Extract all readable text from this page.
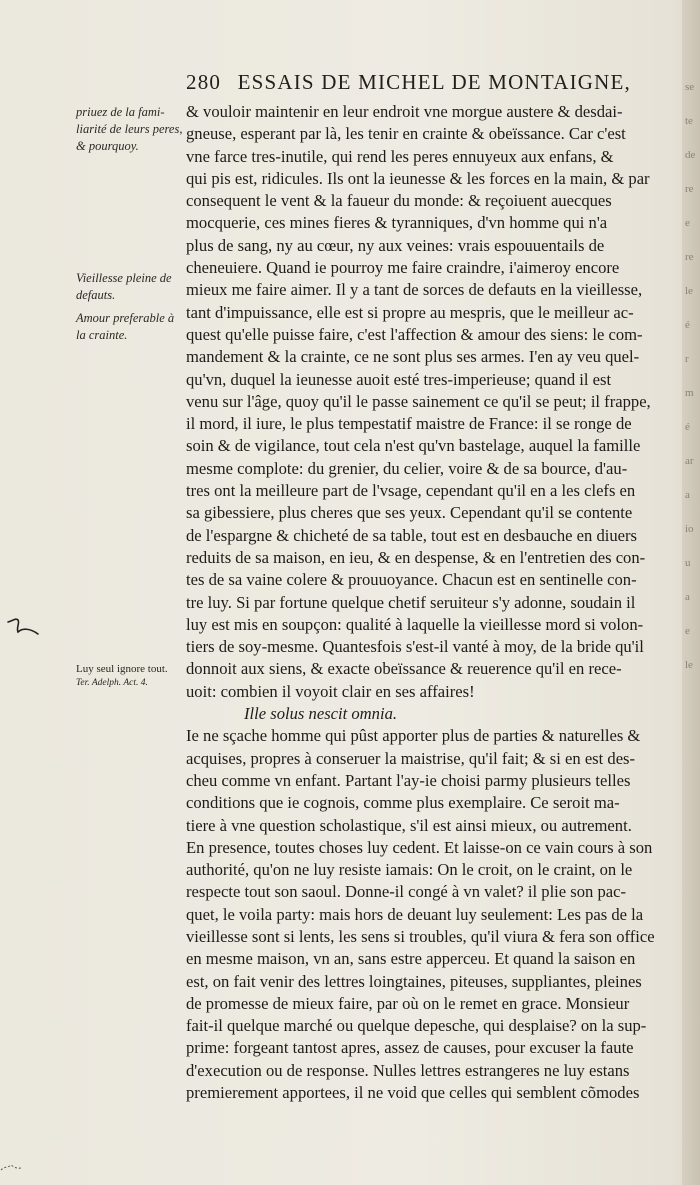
280 ESSAIS DE MICHEL DE MONTAIGNE,
priuez de la fami- liarité de leurs peres, & pourquoy.
Vieillesse pleine de defauts.
Amour preferable à la crainte.
Luy seul ignore tout.
Ter. Adelph. Act. 4.
& vouloir maintenir en leur endroit vne morgue austere & desdai-
gneuse, esperant par là, les tenir en crainte & obeïssance. Car c'est
vne farce tres-inutile, qui rend les peres ennuyeux aux enfans, &
qui pis est, ridicules. Ils ont la ieunesse & les forces en la main, & par
consequent le vent & la faueur du monde: & reçoiuent auecques
mocquerie, ces mines fieres & tyranniques, d'vn homme qui n'a
plus de sang, ny au cœur, ny aux veines: vrais espouuentails de
cheneuiere. Quand ie pourroy me faire craindre, i'aimeroy encore
mieux me faire aimer. Il y a tant de sorces de defauts en la vieillesse,
tant d'impuissance, elle est si propre au mespris, que le meilleur ac-
quest qu'elle puisse faire, c'est l'affection & amour des siens: le com-
mandement & la crainte, ce ne sont plus ses armes. I'en ay veu quel-
qu'vn, duquel la ieunesse auoit esté tres-imperieuse; quand il est
venu sur l'âge, quoy qu'il le passe sainement ce qu'il se peut; il frappe,
il mord, il iure, le plus tempestatif maistre de France: il se ronge de
soin & de vigilance, tout cela n'est qu'vn bastelage, auquel la famille
mesme complote: du grenier, du celier, voire & de sa bource, d'au-
tres ont la meilleure part de l'vsage, cependant qu'il en a les clefs en
sa gibessiere, plus cheres que ses yeux. Cependant qu'il se contente
de l'espargne & chicheté de sa table, tout est en desbauche en diuers
reduits de sa maison, en ieu, & en despense, & en l'entretien des con-
tes de sa vaine colere & prouuoyance. Chacun est en sentinelle con-
tre luy. Si par fortune quelque chetif seruiteur s'y adonne, soudain il
luy est mis en soupçon: qualité à laquelle la vieillesse mord si volon-
tiers de soy-mesme. Quantesfois s'est-il vanté à moy, de la bride qu'il
donnoit aux siens, & exacte obeïssance & reuerence qu'il en rece-
uoit: combien il voyoit clair en ses affaires!
Ille solus nescit omnia.
Ie ne sçache homme qui pûst apporter plus de parties & naturelles &
acquises, propres à conseruer la maistrise, qu'il fait; & si en est des-
cheu comme vn enfant. Partant l'ay-ie choisi parmy plusieurs telles
conditions que ie cognois, comme plus exemplaire. Ce seroit ma-
tiere à vne question scholastique, s'il est ainsi mieux, ou autrement.
En presence, toutes choses luy cedent. Et laisse-on ce vain cours à son
authorité, qu'on ne luy resiste iamais: On le croit, on le craint, on le
respecte tout son saoul. Donne-il congé à vn valet? il plie son pac-
quet, le voila party: mais hors de deuant luy seulement: Les pas de la
vieillesse sont si lents, les sens si troubles, qu'il viura & fera son office
en mesme maison, vn an, sans estre apperceu. Et quand la saison en
est, on fait venir des lettres loingtaines, piteuses, suppliantes, pleines
de promesse de mieux faire, par où on le remet en grace. Monsieur
fait-il quelque marché ou quelque depesche, qui desplaise? on la sup-
prime: forgeant tantost apres, assez de causes, pour excuser la faute
d'execution ou de response. Nulles lettres estrangeres ne luy estans
premierement apportees, il ne void que celles qui semblent cõmodes
se
te
de
re
e
re
le
é
r
m
é
ar
a
io
u
a
e
le
